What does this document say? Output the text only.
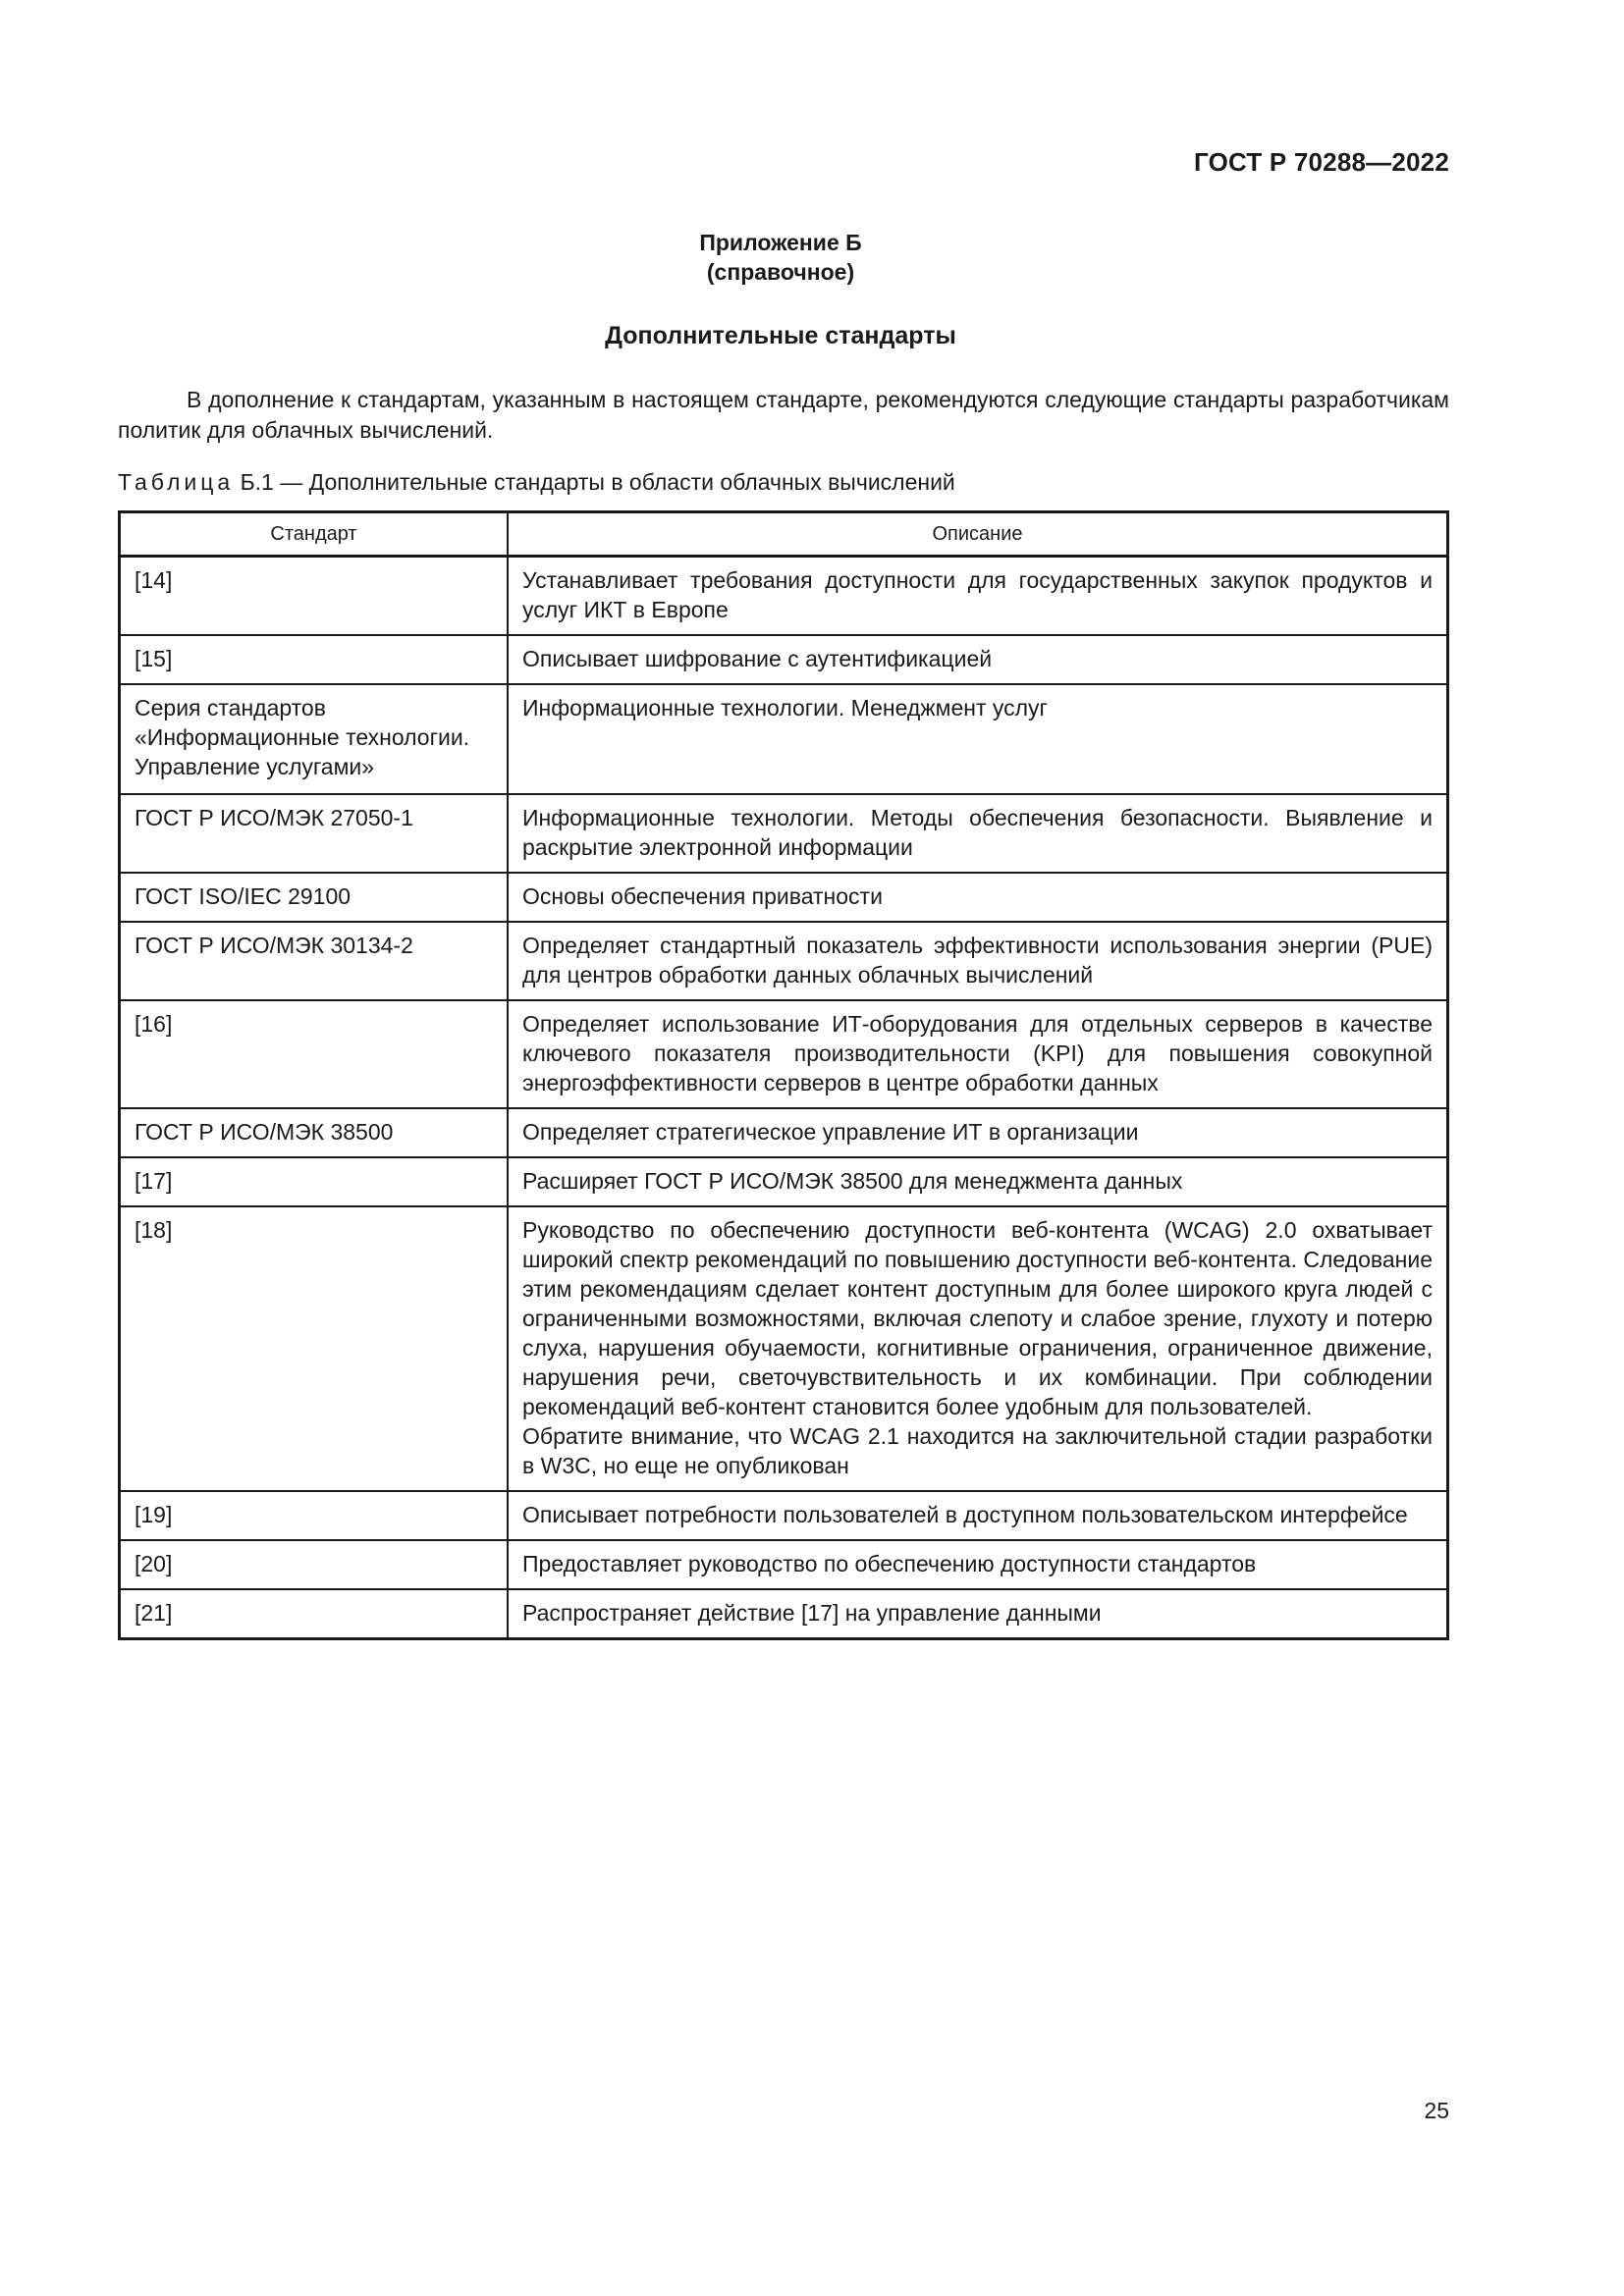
ГОСТ Р 70288—2022
Приложение Б
(справочное)
Дополнительные стандарты
В дополнение к стандартам, указанным в настоящем стандарте, рекомендуются следующие стандарты разработчикам политик для облачных вычислений.
Таблица Б.1 — Дополнительные стандарты в области облачных вычислений
Стандарт	Описание
[14]	Устанавливает требования доступности для государственных закупок продуктов и услуг ИКТ в Европе
[15]	Описывает шифрование с аутентификацией
Серия стандартов «Информационные технологии. Управление услугами»	Информационные технологии. Менеджмент услуг
ГОСТ Р ИСО/МЭК 27050-1	Информационные технологии. Методы обеспечения безопасности. Выявление и раскрытие электронной информации
ГОСТ ISO/IEC 29100	Основы обеспечения приватности
ГОСТ Р ИСО/МЭК 30134-2	Определяет стандартный показатель эффективности использования энергии (PUE) для центров обработки данных облачных вычислений
[16]	Определяет использование ИТ-оборудования для отдельных серверов в качестве ключевого показателя производительности (KPI) для повышения совокупной энергоэффективности серверов в центре обработки данных
ГОСТ Р ИСО/МЭК 38500	Определяет стратегическое управление ИТ в организации
[17]	Расширяет ГОСТ Р ИСО/МЭК 38500 для менеджмента данных
[18]	Руководство по обеспечению доступности веб-контента (WCAG) 2.0 охватывает широкий спектр рекомендаций по повышению доступности веб-контента. Следование этим рекомендациям сделает контент доступным для более широкого круга людей с ограниченными возможностями, включая слепоту и слабое зрение, глухоту и потерю слуха, нарушения обучаемости, когнитивные ограничения, ограниченное движение, нарушения речи, светочувствительность и их комбинации. При соблюдении рекомендаций веб-контент становится более удобным для пользователей.
Обратите внимание, что WCAG 2.1 находится на заключительной стадии разработки в W3C, но еще не опубликован

[19]	Описывает потребности пользователей в доступном пользовательском интерфейсе
[20]	Предоставляет руководство по обеспечению доступности стандартов
[21]	Распространяет действие [17] на управление данными
25
